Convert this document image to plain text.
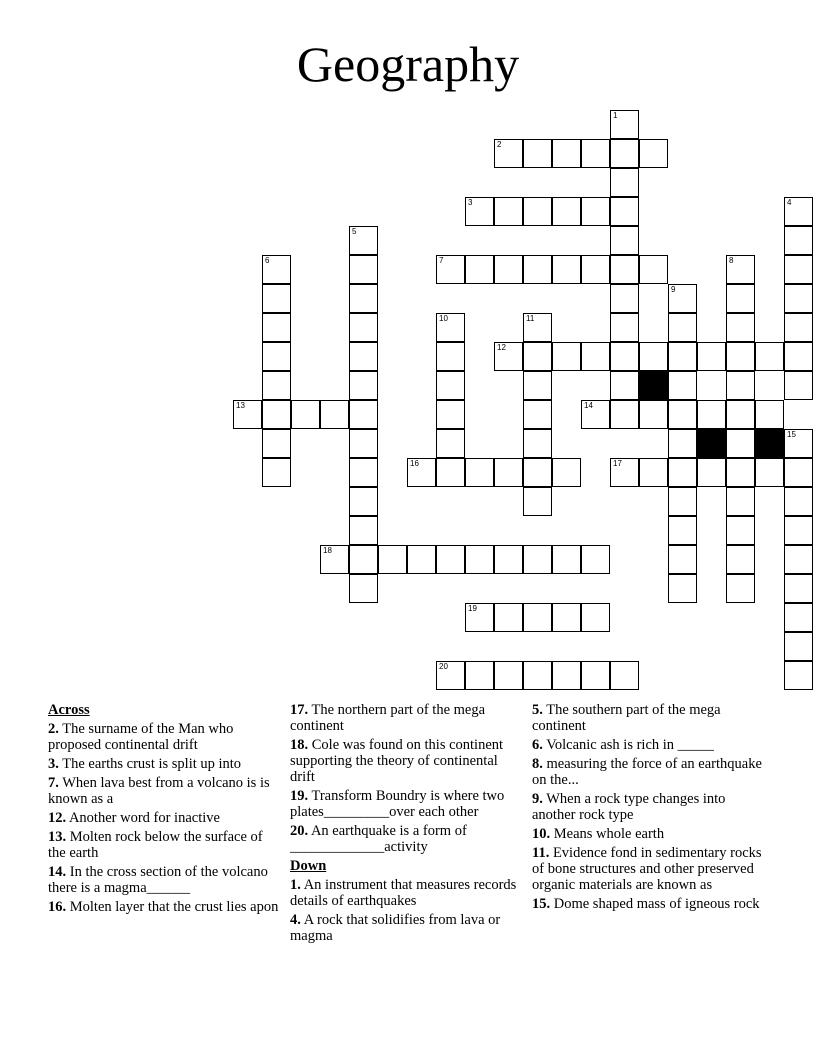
Geography
1
2
3	4
5
6	7	8
9
10	11
12
13	14
15
16	17
18
19
20
Across
2. The surname of the Man who proposed continental drift
3. The earths crust is split up into
7. When lava best from a volcano is is known as a
12. Another word for inactive
13. Molten rock below the surface of the earth
14. In the cross section of the volcano there is a magma______
16. Molten layer that the crust lies apon
17. The northern part of the mega continent
18. Cole was found on this continent supporting the theory of continental drift
19. Transform Boundry is where two plates_________over each other
20. An earthquake is a form of _____________activity
Down
1. An instrument that measures records details of earthquakes
4. A rock that solidifies from lava or magma
5. The southern part of the mega continent
6. Volcanic ash is rich in _____
8. measuring the force of an earthquake on the...
9. When a rock type changes into another rock type
10. Means whole earth
11. Evidence fond in sedimentary rocks of bone structures and other preserved organic materials are known as
15. Dome shaped mass of igneous rock
